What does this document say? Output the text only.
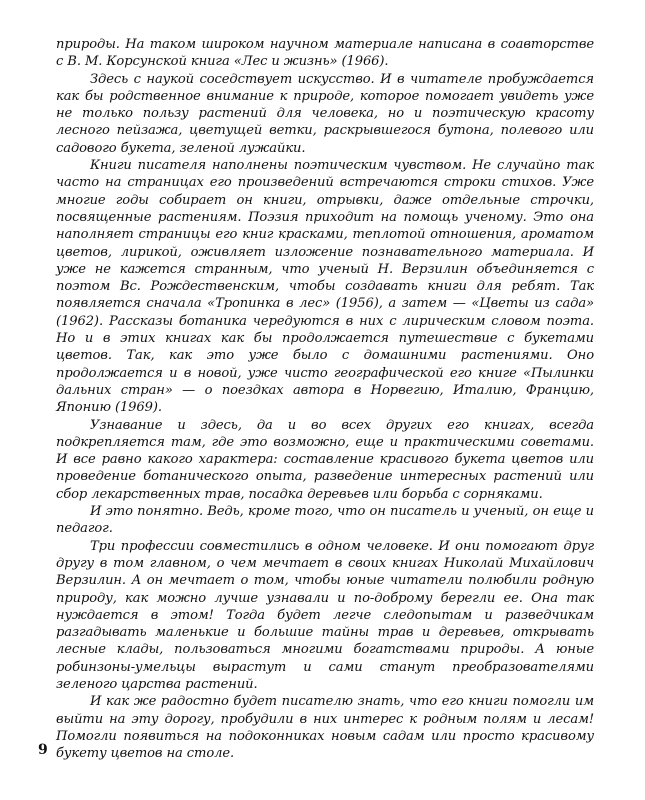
природы. На таком широком научном материале написана в соавторстве с В. М. Корсунской книга «Лес и жизнь» (1966).

Здесь с наукой соседствует искусство. И в читателе пробуждается как бы родственное внимание к природе, которое помогает увидеть уже не только пользу растений для человека, но и поэтическую красоту лесного пейзажа, цветущей ветки, раскрывшегося бутона, полевого или садового букета, зеленой лужайки.

Книги писателя наполнены поэтическим чувством. Не случайно так часто на страницах его произведений встречаются строки стихов. Уже многие годы собирает он книги, отрывки, даже отдельные строчки, посвященные растениям. Поэзия приходит на помощь ученому. Это она наполняет страницы его книг красками, теплотой отношения, ароматом цветов, лирикой, оживляет изложение познавательного материала. И уже не кажется странным, что ученый Н. Верзилин объединяется с поэтом Вс. Рождественским, чтобы создавать книги для ребят. Так появляется сначала «Тропинка в лес» (1956), а затем — «Цветы из сада» (1962). Рассказы ботаника чередуются в них с лирическим словом поэта. Но и в этих книгах как бы продолжается путешествие с букетами цветов. Так, как это уже было с домашними растениями. Оно продолжается и в новой, уже чисто географической его книге «Пылинки дальних стран» — о поездках автора в Норвегию, Италию, Францию, Японию (1969).

Узнавание и здесь, да и во всех других его книгах, всегда подкрепляется там, где это возможно, еще и практическими советами. И все равно какого характера: составление красивого букета цветов или проведение ботанического опыта, разведение интересных растений или сбор лекарственных трав, посадка деревьев или борьба с сорняками.

И это понятно. Ведь, кроме того, что он писатель и ученый, он еще и педагог.

Три профессии совместились в одном человеке. И они помогают друг другу в том главном, о чем мечтает в своих книгах Николай Михайлович Верзилин. А он мечтает о том, чтобы юные читатели полюбили родную природу, как можно лучше узнавали и по-доброму берегли ее. Она так нуждается в этом! Тогда будет легче следопытам и разведчикам разгадывать маленькие и большие тайны трав и деревьев, открывать лесные клады, пользоваться многими богатствами природы. А юные робинзоны-умельцы вырастут и сами станут преобразователями зеленого царства растений.

И как же радостно будет писателю знать, что его книги помогли им выйти на эту дорогу, пробудили в них интерес к родным полям и лесам! Помогли появиться на подоконниках новым садам или просто красивому букету цветов на столе.

9
